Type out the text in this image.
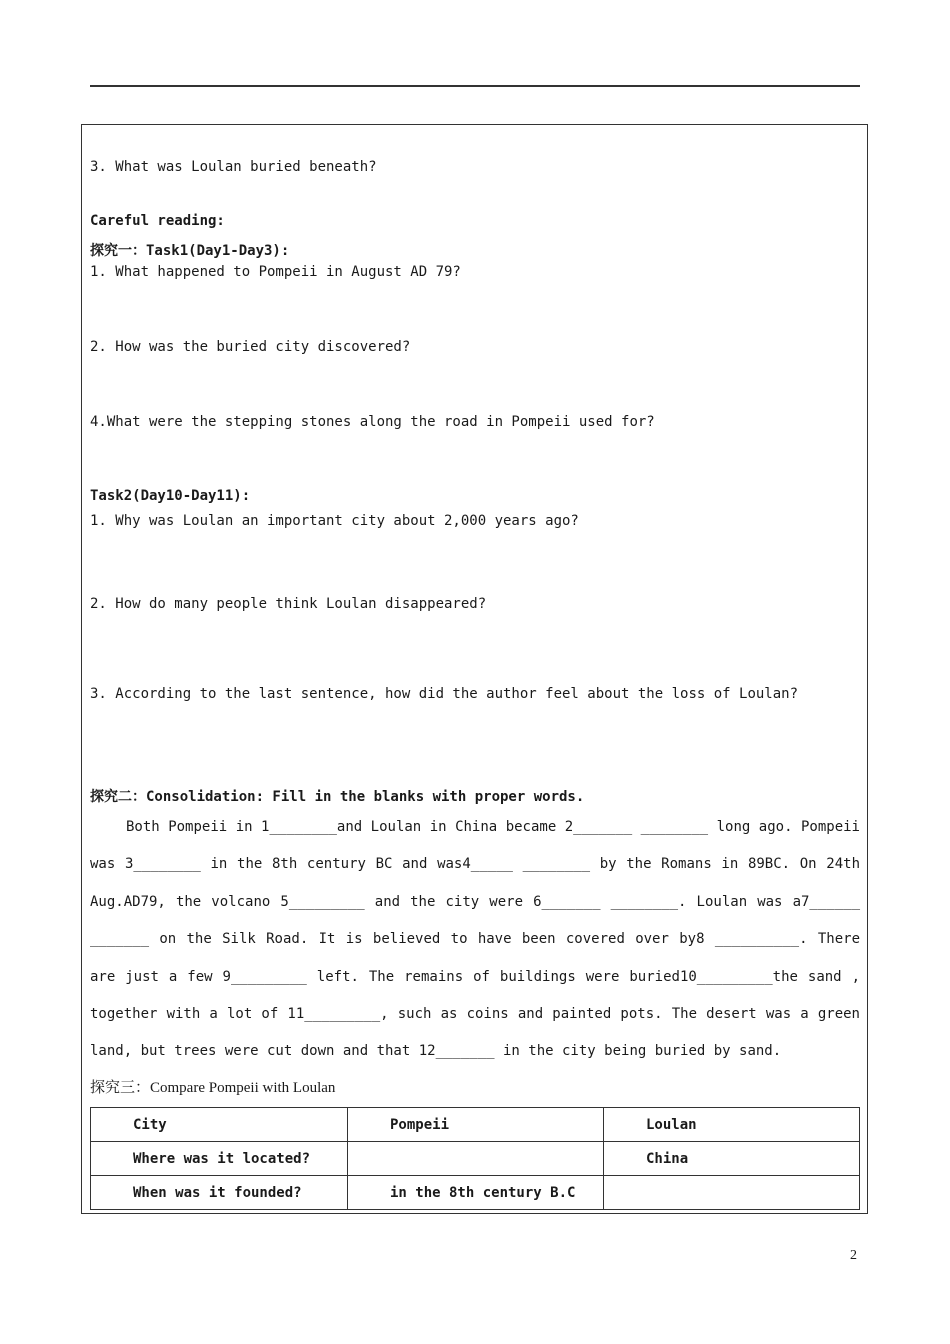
3. What was Loulan buried beneath?
Careful reading:
探究一：Task1(Day1-Day3):
1. What happened to Pompeii in August AD 79?
2. How was the buried city discovered?
4.What were the stepping stones along the road in Pompeii used for?
Task2(Day10-Day11):
1. Why was Loulan an important city about 2,000 years ago?
2. How do many people think Loulan disappeared?
3. According to the last sentence, how did the author feel about the loss of Loulan?
探究二：Consolidation: Fill in the blanks with proper words.
Both Pompeii in 1________and Loulan in China became 2_______ ________ long ago. Pompeii was 3________ in the 8th century BC and was4_____ ________ by the Romans in 89BC. On 24th Aug.AD79, the volcano 5_________ and the city were 6_______ ________. Loulan was a7______ _______ on the Silk Road. It is believed to have been covered over by8 __________. There are just a few 9_________ left. The remains of buildings were buried10_________the sand , together with a lot of 11_________, such as coins and painted pots. The desert was a green land, but trees were cut down and that 12_______ in the city being buried by sand.
探究三：Compare Pompeii with Loulan
City	Pompeii	Loulan
Where was it located?		China
When was it founded?	in the 8th century B.C	
2
